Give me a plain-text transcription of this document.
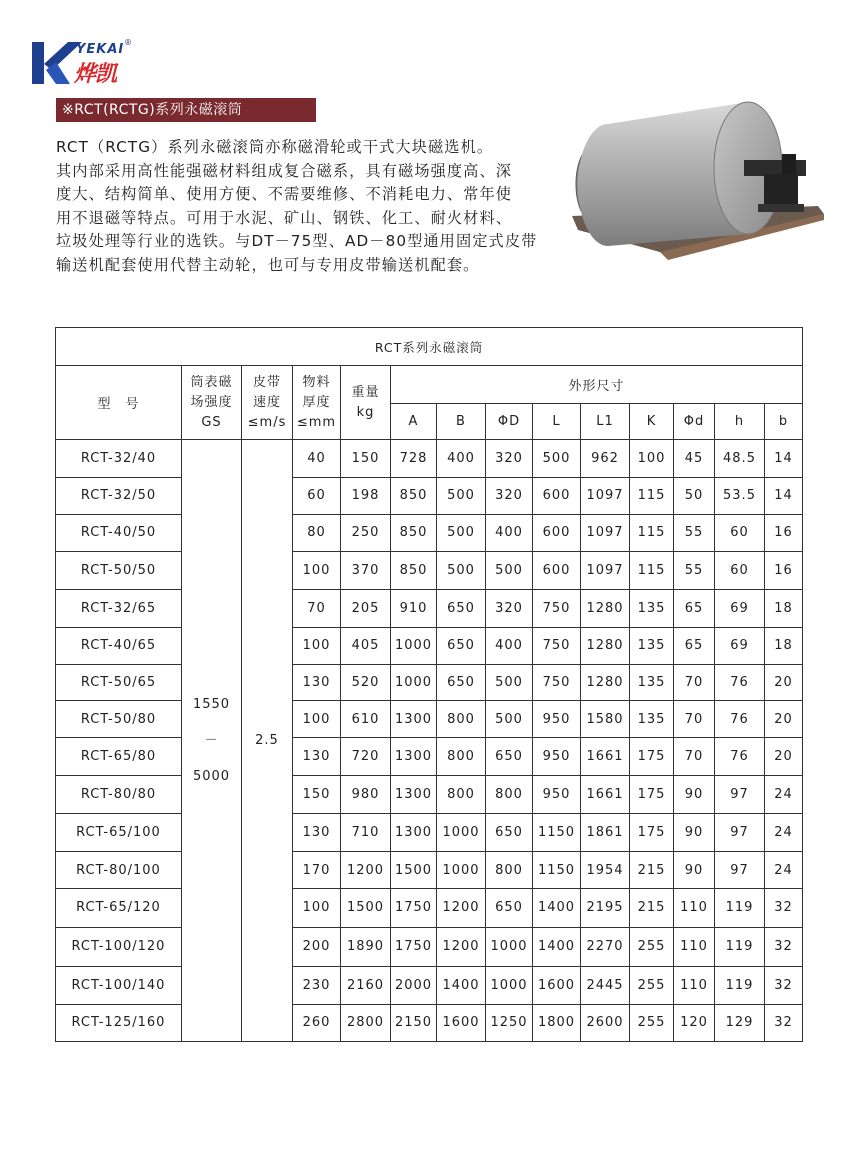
YEKAI ®
烨凯
※RCT(RCTG)系列永磁滚筒
RCT（RCTG）系列永磁滚筒亦称磁滑轮或干式大块磁选机。
其内部采用高性能强磁材料组成复合磁系，具有磁场强度高、深
度大、结构简单、使用方便、不需要维修、不消耗电力、常年使
用不退磁等特点。可用于水泥、矿山、钢铁、化工、耐火材料、
垃圾处理等行业的选铁。与DT－75型、AD－80型通用固定式皮带
输送机配套使用代替主动轮，也可与专用皮带输送机配套。
RCT系列永磁滚筒													
型　号	筒表磁
场强度
GS	皮带
速度
≤m/s	物料
厚度
≤mm	重量
kg	外形尺寸								
					A	B	ΦD	L	L1	K	Φd	h	b
RCT-32/40	1550
－
5000	2.5	40	150	728	400	320	500	962	100	45	48.5	14
RCT-32/50			60	198	850	500	320	600	1097	115	50	53.5	14
RCT-40/50			80	250	850	500	400	600	1097	115	55	60	16
RCT-50/50			100	370	850	500	500	600	1097	115	55	60	16
RCT-32/65			70	205	910	650	320	750	1280	135	65	69	18
RCT-40/65			100	405	1000	650	400	750	1280	135	65	69	18
RCT-50/65			130	520	1000	650	500	750	1280	135	70	76	20
RCT-50/80			100	610	1300	800	500	950	1580	135	70	76	20
RCT-65/80			130	720	1300	800	650	950	1661	175	70	76	20
RCT-80/80			150	980	1300	800	800	950	1661	175	90	97	24
RCT-65/100			130	710	1300	1000	650	1150	1861	175	90	97	24
RCT-80/100			170	1200	1500	1000	800	1150	1954	215	90	97	24
RCT-65/120			100	1500	1750	1200	650	1400	2195	215	110	119	32
RCT-100/120			200	1890	1750	1200	1000	1400	2270	255	110	119	32
RCT-100/140			230	2160	2000	1400	1000	1600	2445	255	110	119	32
RCT-125/160			260	2800	2150	1600	1250	1800	2600	255	120	129	32
